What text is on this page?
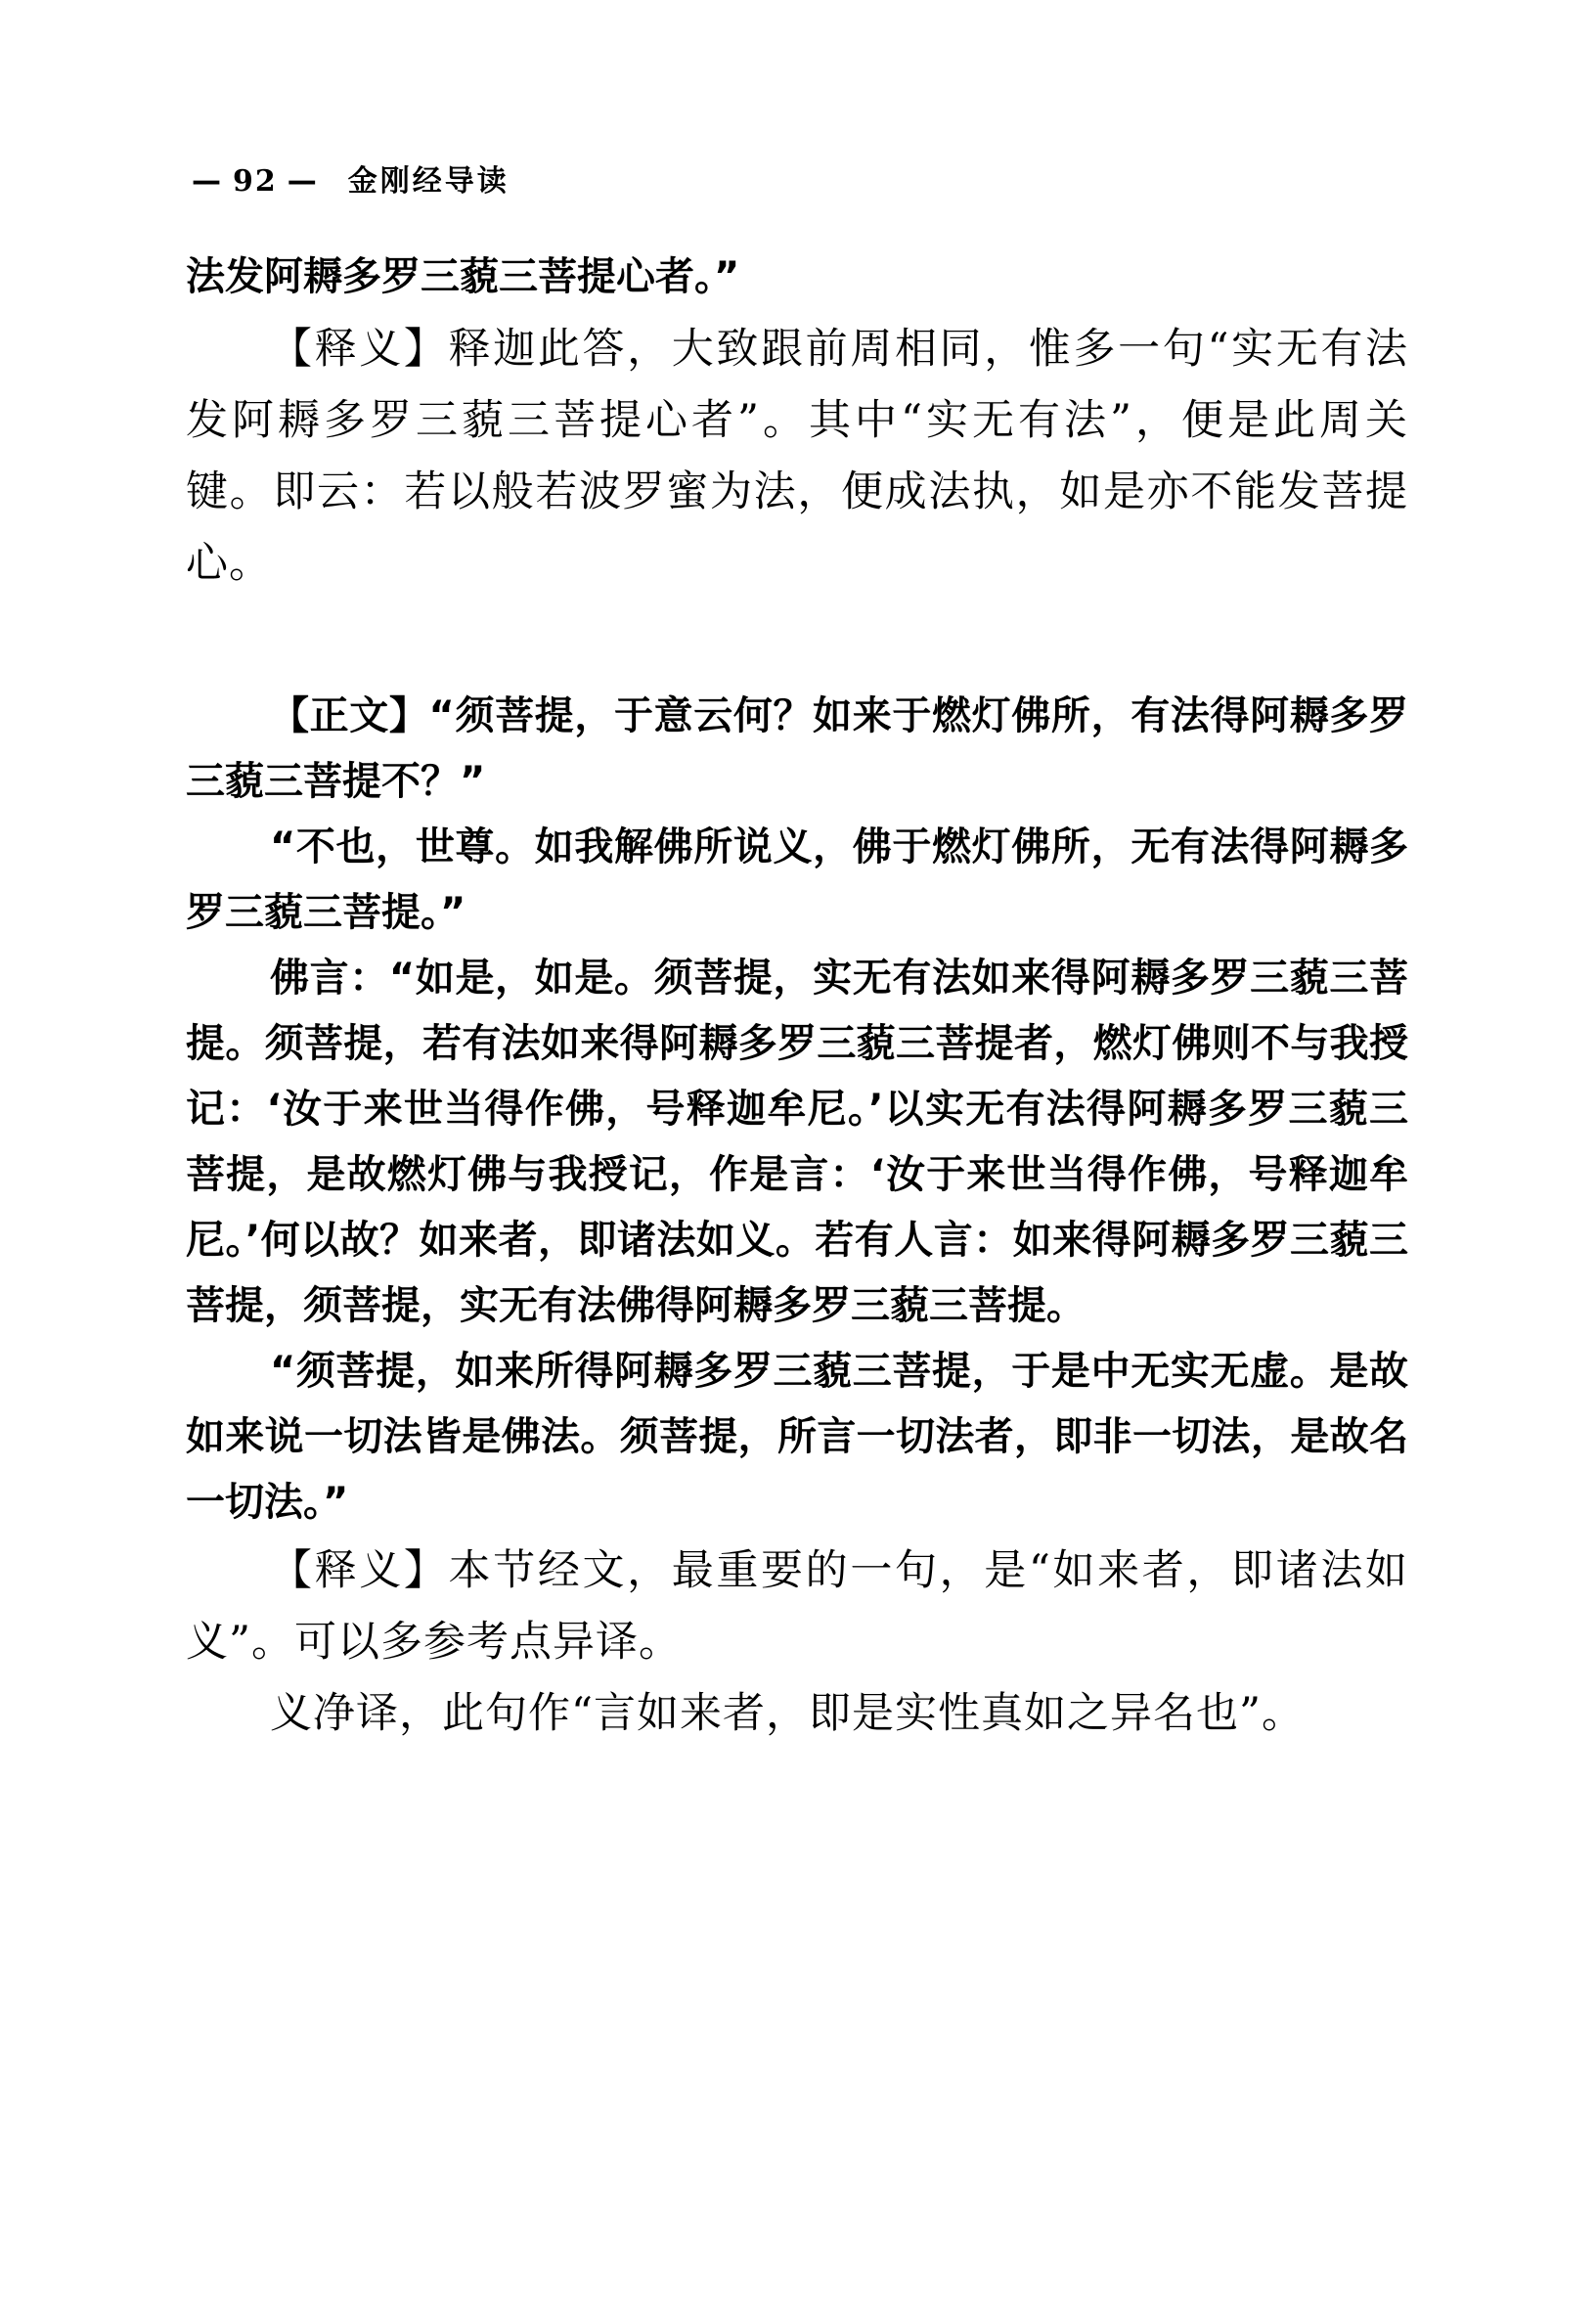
— 92 — 金刚经导读

法发阿耨多罗三藐三菩提心者。”

【释义】释迦此答，大致跟前周相同，惟多一句“实无有法发阿耨多罗三藐三菩提心者”。其中“实无有法”，便是此周关键。即云：若以般若波罗蜜为法，便成法执，如是亦不能发菩提心。

【正文】“须菩提，于意云何？如来于燃灯佛所，有法得阿耨多罗三藐三菩提不？”

“不也，世尊。如我解佛所说义，佛于燃灯佛所，无有法得阿耨多罗三藐三菩提。”

佛言：“如是，如是。须菩提，实无有法如来得阿耨多罗三藐三菩提。须菩提，若有法如来得阿耨多罗三藐三菩提者，燃灯佛则不与我授记：‘汝于来世当得作佛，号释迦牟尼。’以实无有法得阿耨多罗三藐三菩提，是故燃灯佛与我授记，作是言：‘汝于来世当得作佛，号释迦牟尼。’何以故？如来者，即诸法如义。若有人言：如来得阿耨多罗三藐三菩提，须菩提，实无有法佛得阿耨多罗三藐三菩提。

“须菩提，如来所得阿耨多罗三藐三菩提，于是中无实无虚。是故如来说一切法皆是佛法。须菩提，所言一切法者，即非一切法，是故名一切法。”

【释义】本节经文，最重要的一句，是“如来者，即诸法如义”。可以多参考点异译。

义净译，此句作“言如来者，即是实性真如之异名也”。
